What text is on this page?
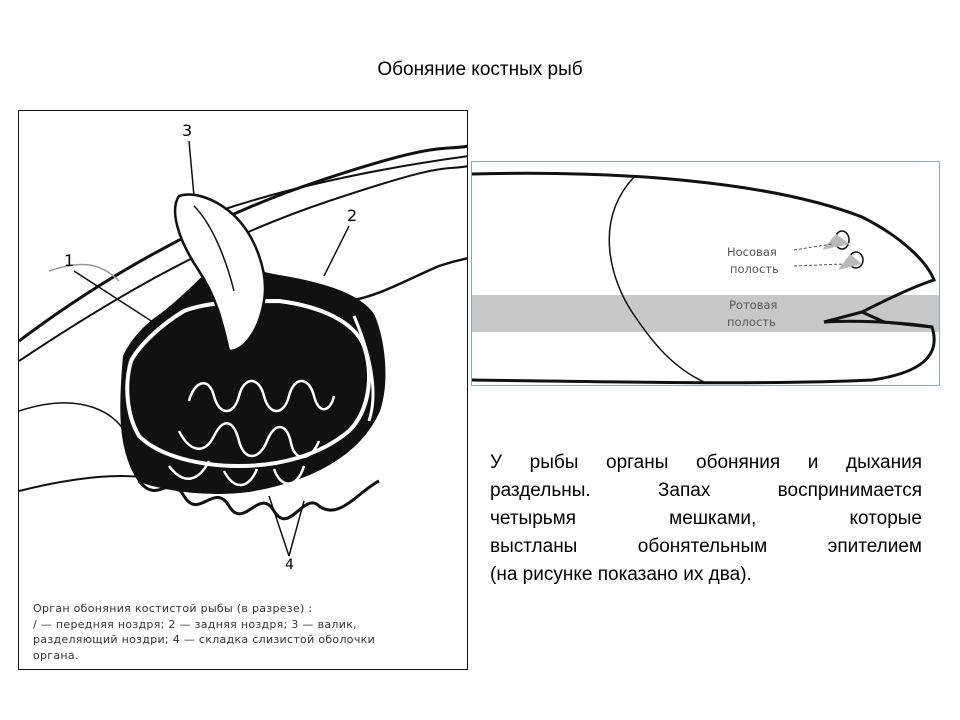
Обоняние костных рыб
1
2
3
4
Орган обоняния костистой рыбы (в разрезе) :
/ — передняя ноздря; 2 — задняя ноздря; 3 — валик,
разделяющий ноздри; 4 — складка слизистой оболочки
органа.
Носовая
полость
Ротовая
полость
У рыбы органы обоняния и дыхания
раздельны. Запах воспринимается
четырьмя мешками, которые
выстланы обонятельным эпителием
(на рисунке показано их два).
